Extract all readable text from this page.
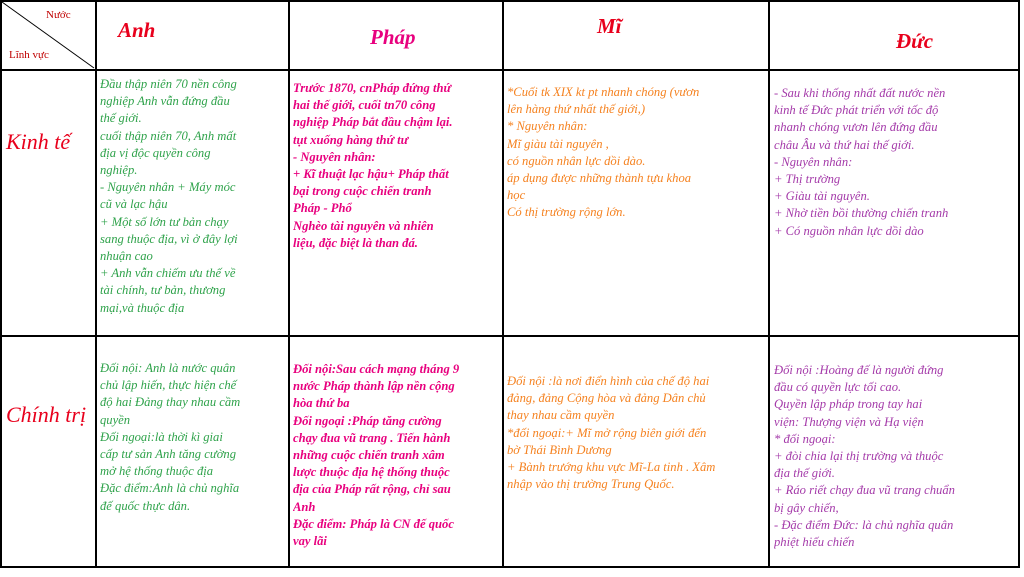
Nước
Lĩnh vực
Anh	Pháp	Mĩ
Đức
Kinh tế
Chính trị

Đầu thập niên 70 nền công

nghiệp Anh vẫn đứng đầu

thế giới.

cuối thập niên 70, Anh mất

địa vị độc quyền công

nghiệp.

- Nguyên nhân + Máy móc

cũ và lạc hậu

+ Một số lớn tư bản chạy

sang thuộc địa, vì ở đây lợi

nhuận cao

+ Anh vẫn chiếm ưu thế về

tài chính, tư bản, thương

mại,và thuộc địa

Trước 1870, cnPháp đứng thứ

hai thế giới, cuối tn70 công

nghiệp Pháp bắt đầu chậm lại.

tụt xuống hàng thứ tư

- Nguyên nhân:

+ Kĩ thuật lạc hậu+ Pháp thất

bại trong cuộc chiến tranh

Pháp - Phổ

Nghèo tài nguyên và nhiên

liệu, đặc biệt là than đá.

*Cuối tk XIX kt pt nhanh chóng (vươn

lên hàng thứ nhất thế giới,)

* Nguyên nhân:

Mĩ giàu tài nguyên ,

có nguồn nhân lực dồi dào.

áp dụng được những thành tựu khoa

học

Có thị trường rộng lớn.

- Sau khi thống nhất đất nước nền

kinh tế Đức phát triển với tốc độ

nhanh chóng vươn lên đứng đầu

châu Âu và thứ hai thế giới.

- Nguyên nhân:

+ Thị trường

+ Giàu tài nguyên.

+ Nhờ tiền bồi thường chiến tranh

+ Có nguồn nhân lực dồi dào

Đối nội: Anh là nước quân

chủ lập hiến, thực hiện chế

độ hai Đảng thay nhau cầm

quyền

Đối ngoại:là thời kì giai

cấp tư sản Anh tăng cường

mở hệ thống thuộc địa

Đặc điểm:Anh là chủ nghĩa

đế quốc thực dân.

Đối nội:Sau cách mạng tháng 9

nước Pháp thành lập nền cộng

hòa thứ ba

Đối ngoại :Pháp tăng cường

chạy đua vũ trang . Tiến hành

những cuộc chiến tranh xâm

lược thuộc địa hệ thống thuộc

địa của Pháp rất rộng, chỉ sau

Anh

Đặc điểm: Pháp là CN đế quốc

vay lãi

Đối nội :là nơi điển hình của chế độ hai

đảng, đảng Cộng hòa và đảng Dân chủ

thay nhau cầm quyền

*đối ngoại:+ Mĩ mở rộng biên giới đến

bờ Thái Bình Dương

+ Bành trướng khu vực Mĩ-La tinh . Xâm

nhập vào thị trường Trung Quốc.

Đối nội :Hoàng đế là người đứng

đầu có quyền lực tối cao.

Quyền lập pháp trong tay hai

viện: Thượng viện và Hạ viện

* đối ngoại:

+ đòi chia lại thị trường và thuộc

địa thế giới.

+ Ráo riết chạy đua vũ trang chuẩn

bị gây chiến,

- Đặc điểm Đức: là chủ nghĩa quân

phiệt hiếu chiến
